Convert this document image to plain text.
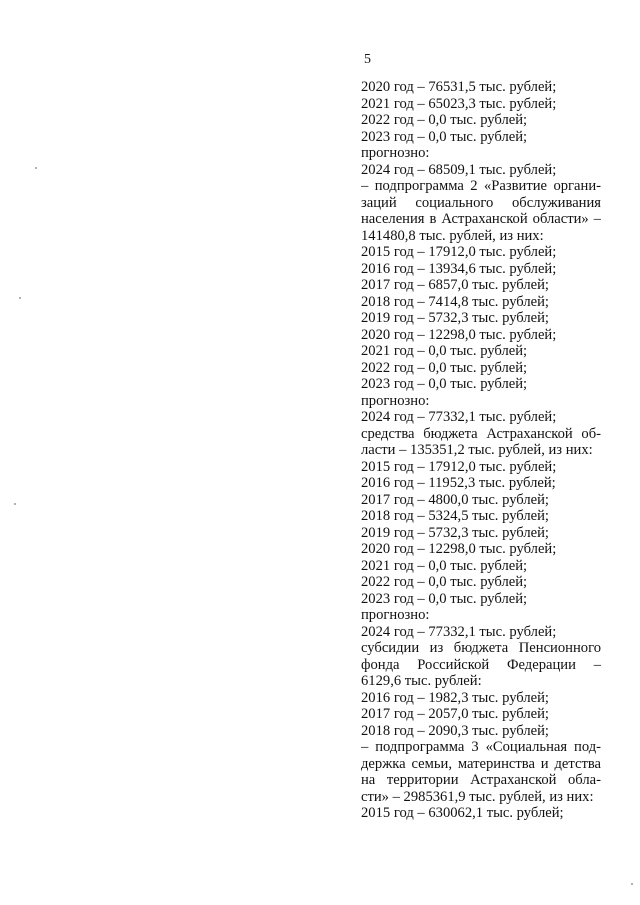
5
2020 год – 76531,5 тыс. рублей;
2021 год – 65023,3 тыс. рублей;
2022 год – 0,0 тыс. рублей;
2023 год – 0,0 тыс. рублей;
прогнозно:
2024 год – 68509,1 тыс. рублей;
– подпрограмма 2 «Развитие органи-
заций социального обслуживания
населения в Астраханской области» –
141480,8 тыс. рублей, из них:
2015 год – 17912,0 тыс. рублей;
2016 год – 13934,6 тыс. рублей;
2017 год – 6857,0 тыс. рублей;
2018 год – 7414,8 тыс. рублей;
2019 год – 5732,3 тыс. рублей;
2020 год – 12298,0 тыс. рублей;
2021 год – 0,0 тыс. рублей;
2022 год – 0,0 тыс. рублей;
2023 год – 0,0 тыс. рублей;
прогнозно:
2024 год – 77332,1 тыс. рублей;
средства бюджета Астраханской об-
ласти – 135351,2 тыс. рублей, из них:
2015 год – 17912,0 тыс. рублей;
2016 год – 11952,3 тыс. рублей;
2017 год – 4800,0 тыс. рублей;
2018 год – 5324,5 тыс. рублей;
2019 год – 5732,3 тыс. рублей;
2020 год – 12298,0 тыс. рублей;
2021 год – 0,0 тыс. рублей;
2022 год – 0,0 тыс. рублей;
2023 год – 0,0 тыс. рублей;
прогнозно:
2024 год – 77332,1 тыс. рублей;
субсидии из бюджета Пенсионного
фонда Российской Федерации –
6129,6 тыс. рублей:
2016 год – 1982,3 тыс. рублей;
2017 год – 2057,0 тыс. рублей;
2018 год – 2090,3 тыс. рублей;
– подпрограмма 3 «Социальная под-
держка семьи, материнства и детства
на территории Астраханской обла-
сти» – 2985361,9 тыс. рублей, из них:
2015 год – 630062,1 тыс. рублей;
